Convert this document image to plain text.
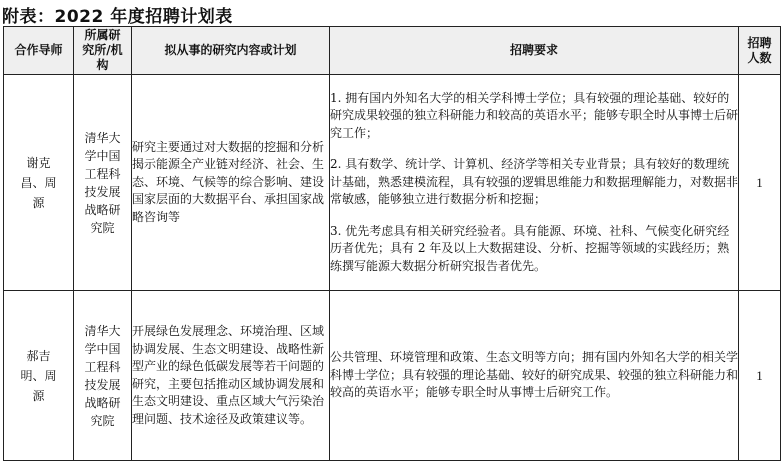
附表：2022 年度招聘计划表
合作导师	所属研究所/机构	拟从事的研究内容或计划	招聘要求	招聘人数

谢克昌、周源	清华大学中国工程科技发展战略研究院	研究主要通过对大数据的挖掘和分析揭示能源全产业链对经济、社会、生态、环境、气候等的综合影响、建设国家层面的大数据平台、承担国家战略咨询等	1. 拥有国内外知名大学的相关学科博士学位；具有较强的理论基础、较好的研究成果较强的独立科研能力和较高的英语水平；能够专职全时从事博士后研究工作；
2. 具有数学、统计学、计算机、经济学等相关专业背景；具有较好的数理统计基础，熟悉建模流程，具有较强的逻辑思维能力和数据理解能力，对数据非常敏感，能够独立进行数据分析和挖掘；
3. 优先考虑具有相关研究经验者。具有能源、环境、社科、气候变化研究经历者优先；具有 2 年及以上大数据建设、分析、挖掘等领域的实践经历；熟练撰写能源大数据分析研究报告者优先。	1

郝吉明、周源	清华大学中国工程科技发展战略研究院	开展绿色发展理念、环境治理、区域协调发展、生态文明建设、战略性新型产业的绿色低碳发展等若干问题的研究，主要包括推动区域协调发展和生态文明建设、重点区域大气污染治理问题、技术途径及政策建议等。	公共管理、环境管理和政策、生态文明等方向；拥有国内外知名大学的相关学科博士学位；具有较强的理论基础、较好的研究成果、较强的独立科研能力和较高的英语水平；能够专职全时从事博士后研究工作。	1
